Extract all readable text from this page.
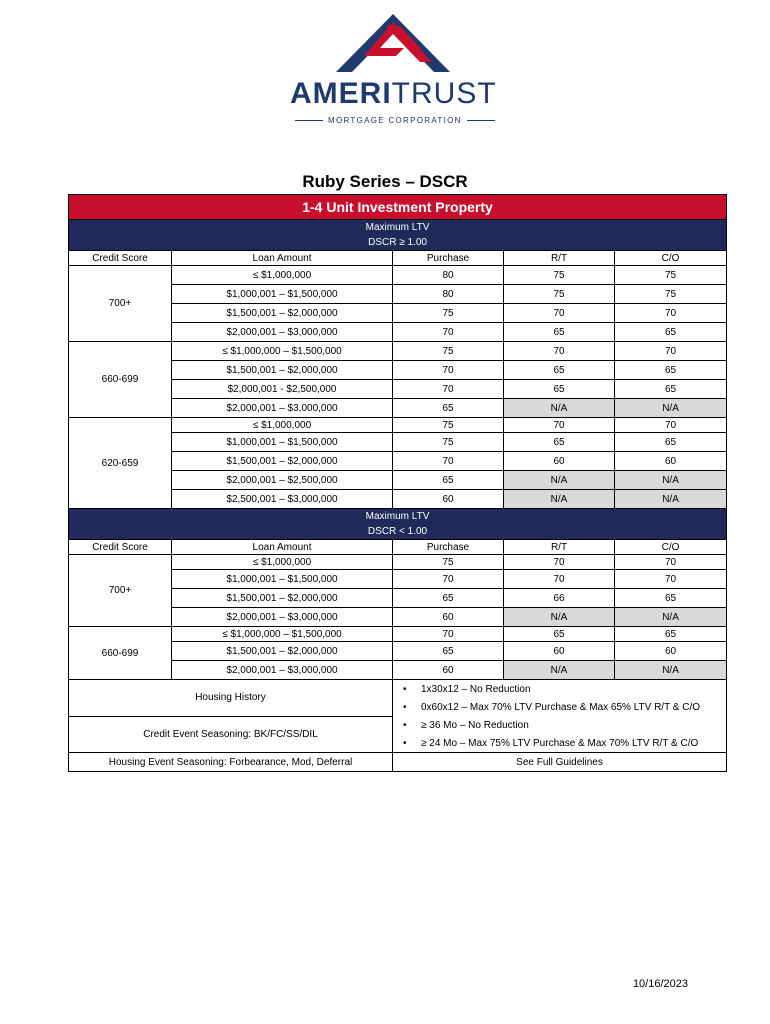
AMERITRUST
MORTGAGE CORPORATION
Ruby Series – DSCR
1-4 Unit Investment Property				
Maximum LTV				
DSCR ≥ 1.00				
Credit Score	Loan Amount	Purchase	R/T	C/O
700+	≤ $1,000,000	80	75	75
	$1,000,001 – $1,500,000	80	75	75
	$1,500,001 – $2,000,000	75	70	70
	$2,000,001 – $3,000,000	70	65	65
660-699	≤ $1,000,000 – $1,500,000	75	70	70
	$1,500,001 – $2,000,000	70	65	65
	$2,000,001 - $2,500,000	70	65	65
	$2,000,001 – $3,000,000	65	N/A	N/A
620-659	≤ $1,000,000	75	70	70
	$1,000,001 – $1,500,000	75	65	65
	$1,500,001 – $2,000,000	70	60	60
	$2,000,001 – $2,500,000	65	N/A	N/A
	$2,500,001 – $3,000,000	60	N/A	N/A
Maximum LTV				
DSCR < 1.00				
Credit Score	Loan Amount	Purchase	R/T	C/O
700+	≤ $1,000,000	75	70	70
	$1,000,001 – $1,500,000	70	70	70
	$1,500,001 – $2,000,000	65	66	65
	$2,000,001 – $3,000,000	60	N/A	N/A
660-699	≤ $1,000,000 – $1,500,000	70	65	65
	$1,500,001 – $2,000,000	65	60	60
	$2,000,001 – $3,000,000	60	N/A	N/A
Housing History		• 1x30x12 – No Reduction		
		• 0x60x12 – Max 70% LTV Purchase & Max 65% LTV R/T & C/O		
Credit Event Seasoning: BK/FC/SS/DIL		• ≥ 36 Mo – No Reduction		
		• ≥ 24 Mo – Max 75% LTV Purchase & Max 70% LTV R/T & C/O		
Housing Event Seasoning: Forbearance, Mod, Deferral		See Full Guidelines		
10/16/2023
